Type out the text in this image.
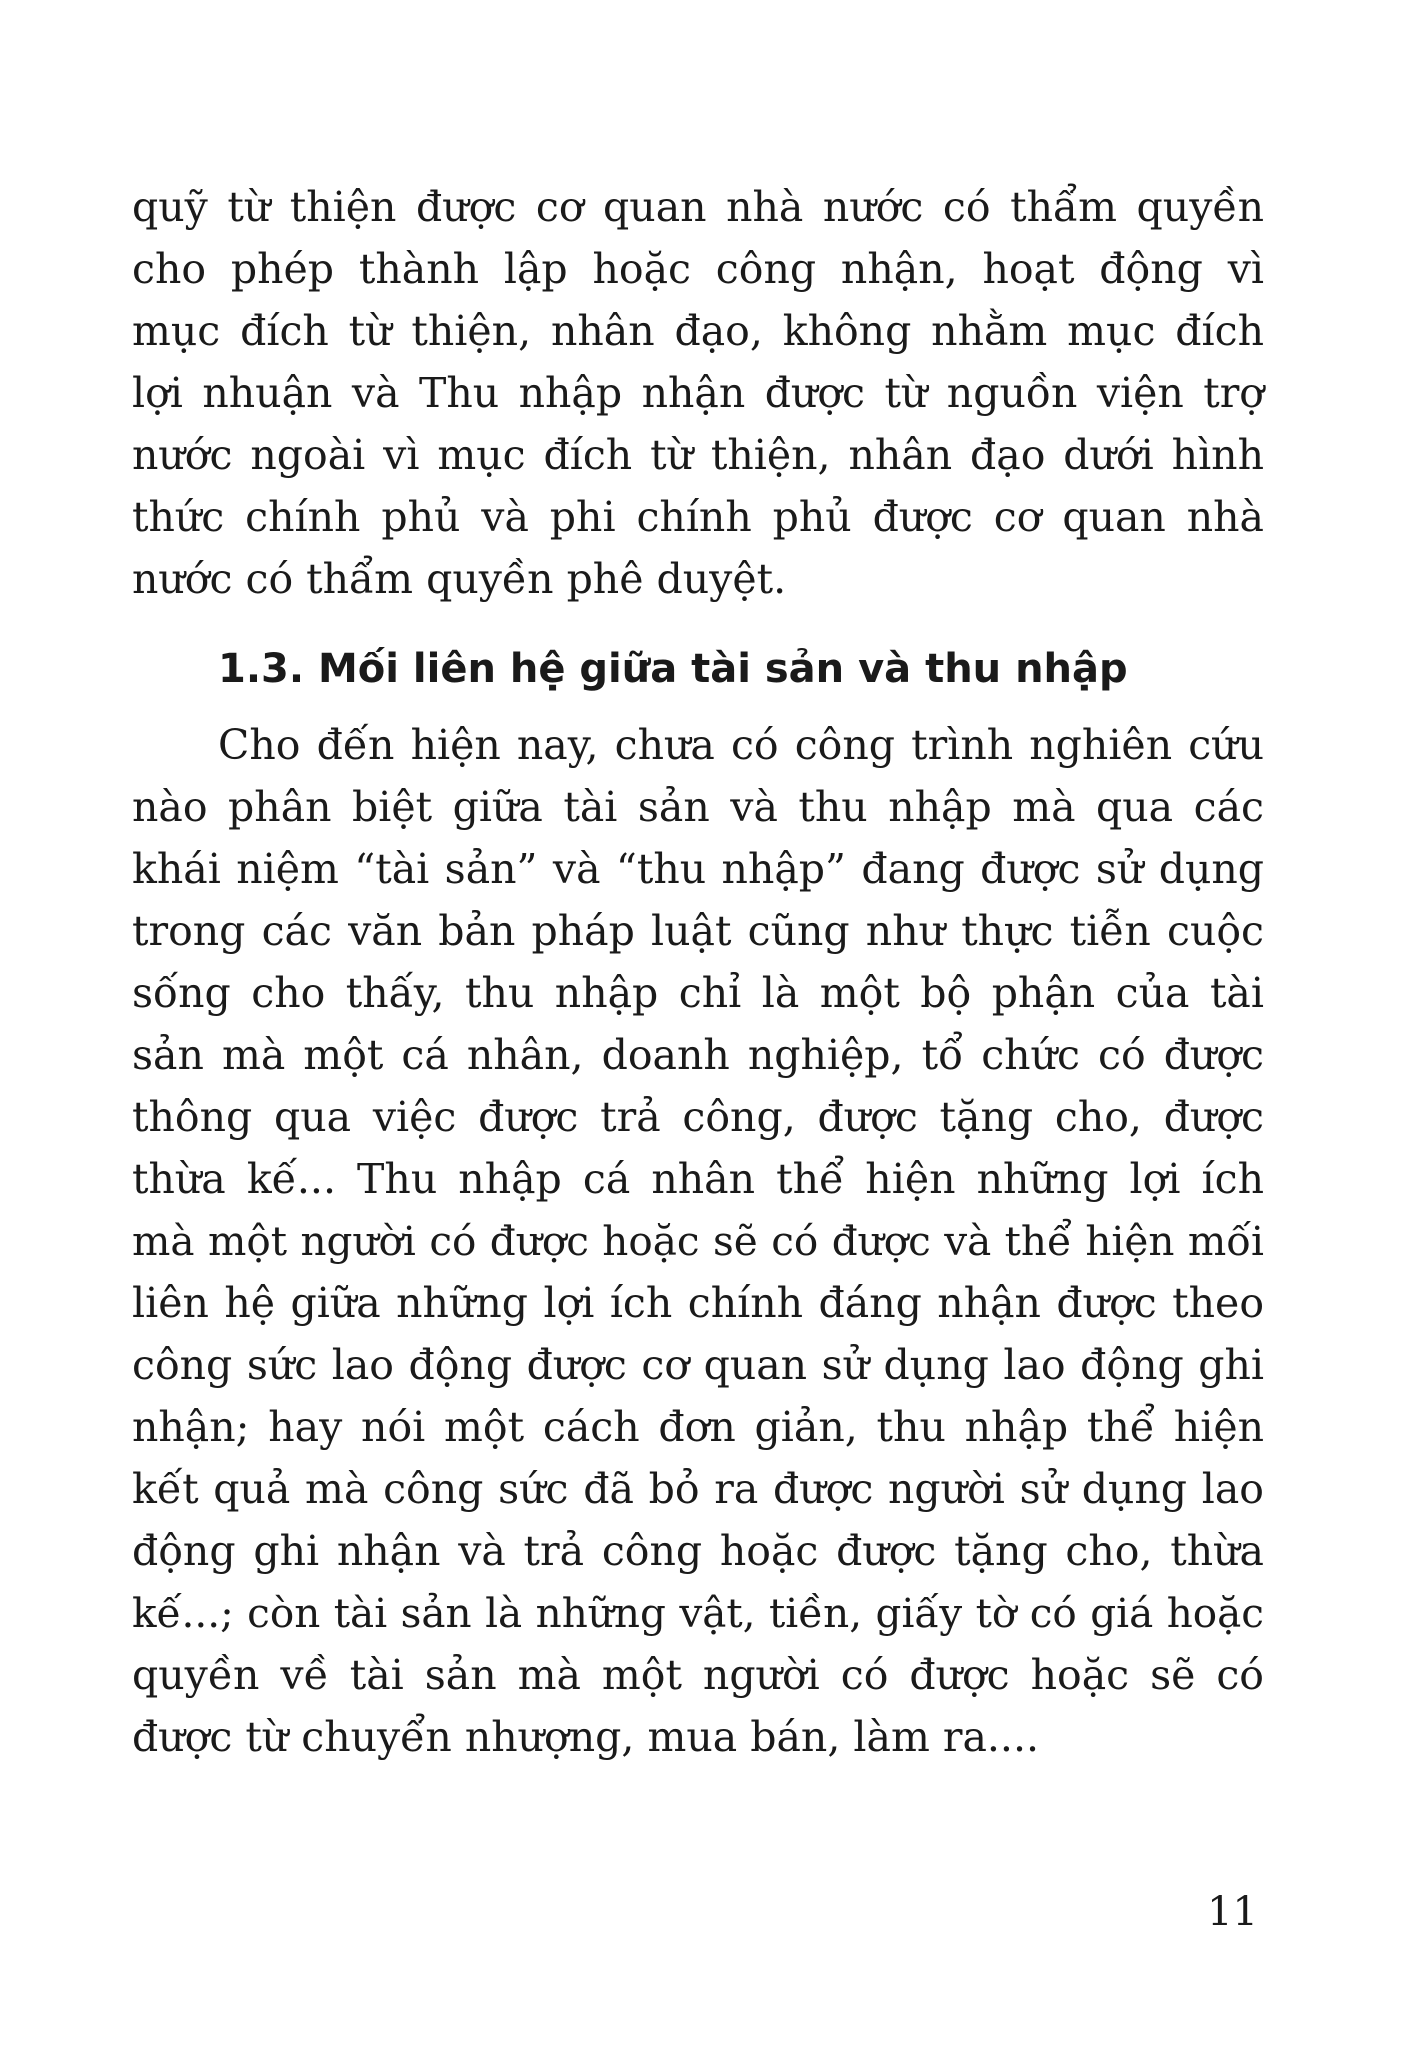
quỹ từ thiện được cơ quan nhà nước có thẩm quyền
cho phép thành lập hoặc công nhận, hoạt động vì
mục đích từ thiện, nhân đạo, không nhằm mục đích
lợi nhuận và Thu nhập nhận được từ nguồn viện trợ
nước ngoài vì mục đích từ thiện, nhân đạo dưới hình
thức chính phủ và phi chính phủ được cơ quan nhà
nước có thẩm quyền phê duyệt.

1.3. Mối liên hệ giữa tài sản và thu nhập

Cho đến hiện nay, chưa có công trình nghiên cứu
nào phân biệt giữa tài sản và thu nhập mà qua các
khái niệm “tài sản” và “thu nhập” đang được sử dụng
trong các văn bản pháp luật cũng như thực tiễn cuộc
sống cho thấy, thu nhập chỉ là một bộ phận của tài
sản mà một cá nhân, doanh nghiệp, tổ chức có được
thông qua việc được trả công, được tặng cho, được
thừa kế... Thu nhập cá nhân thể hiện những lợi ích
mà một người có được hoặc sẽ có được và thể hiện mối
liên hệ giữa những lợi ích chính đáng nhận được theo
công sức lao động được cơ quan sử dụng lao động ghi
nhận; hay nói một cách đơn giản, thu nhập thể hiện
kết quả mà công sức đã bỏ ra được người sử dụng lao
động ghi nhận và trả công hoặc được tặng cho, thừa
kế...; còn tài sản là những vật, tiền, giấy tờ có giá hoặc
quyền về tài sản mà một người có được hoặc sẽ có
được từ chuyển nhượng, mua bán, làm ra....

11
